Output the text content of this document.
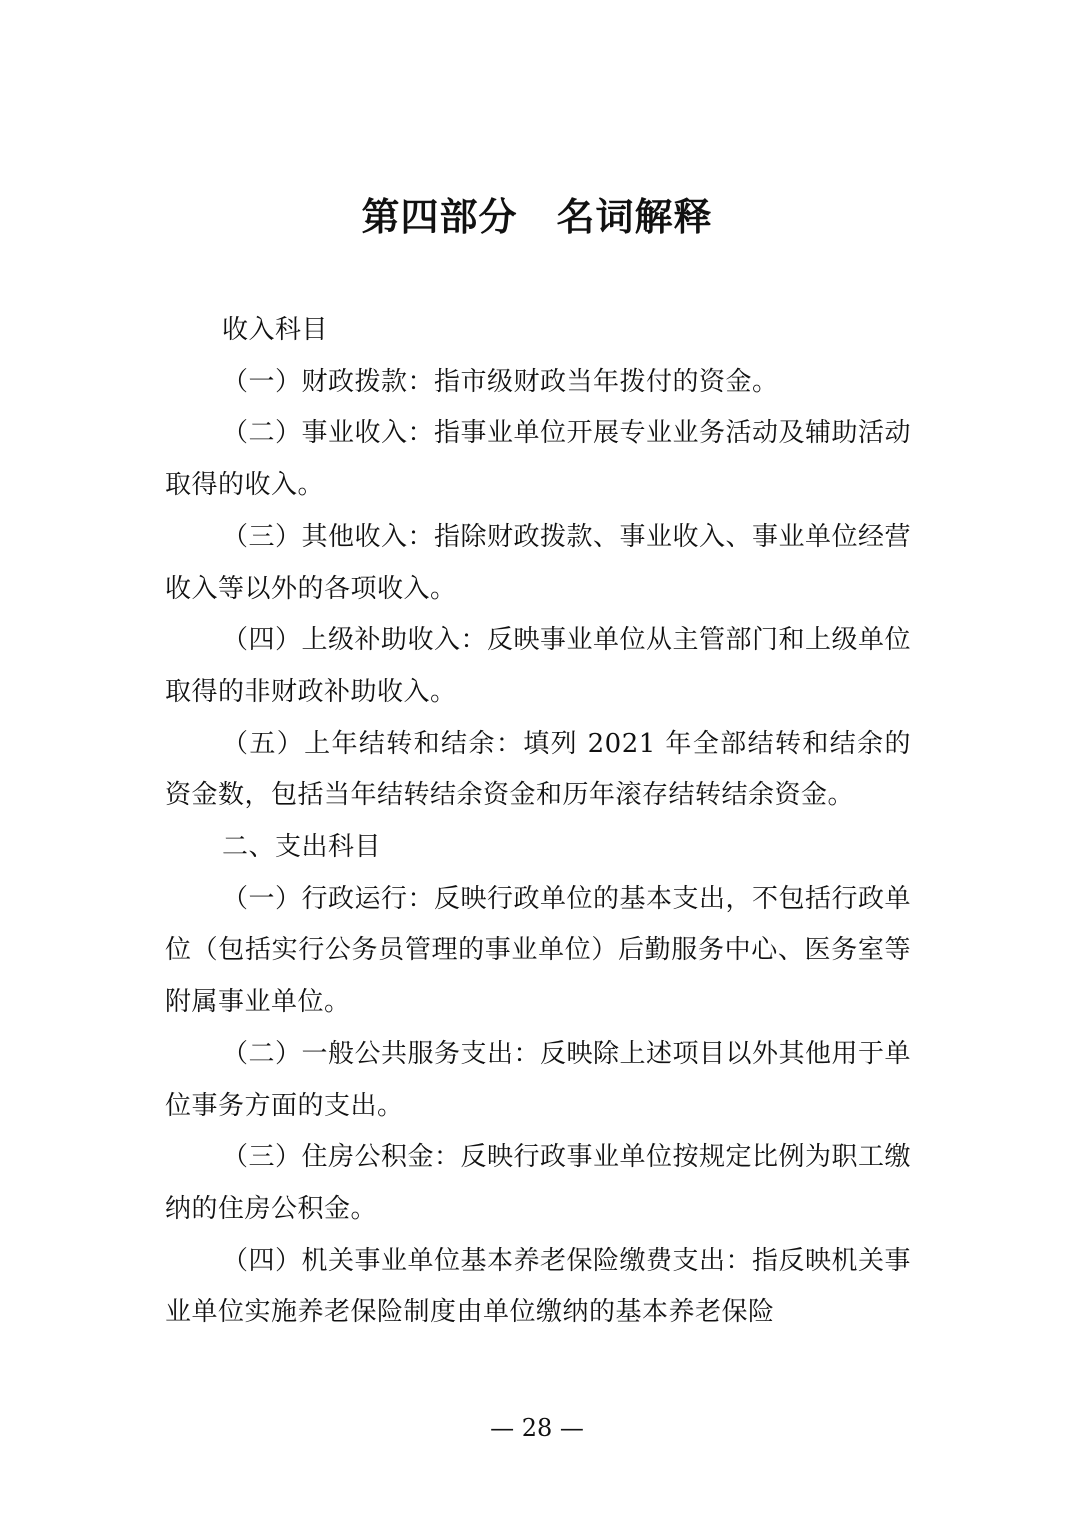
第四部分　名词解释

收入科目

（一）财政拨款：指市级财政当年拨付的资金。

（二）事业收入：指事业单位开展专业业务活动及辅助活动取得的收入。

（三）其他收入：指除财政拨款、事业收入、事业单位经营收入等以外的各项收入。

（四）上级补助收入：反映事业单位从主管部门和上级单位取得的非财政补助收入。

（五）上年结转和结余：填列 2021 年全部结转和结余的资金数，包括当年结转结余资金和历年滚存结转结余资金。

二、支出科目

（一）行政运行：反映行政单位的基本支出，不包括行政单位（包括实行公务员管理的事业单位）后勤服务中心、医务室等附属事业单位。

（二）一般公共服务支出：反映除上述项目以外其他用于单位事务方面的支出。

（三）住房公积金：反映行政事业单位按规定比例为职工缴纳的住房公积金。

（四）机关事业单位基本养老保险缴费支出：指反映机关事业单位实施养老保险制度由单位缴纳的基本养老保险

— 28 —
